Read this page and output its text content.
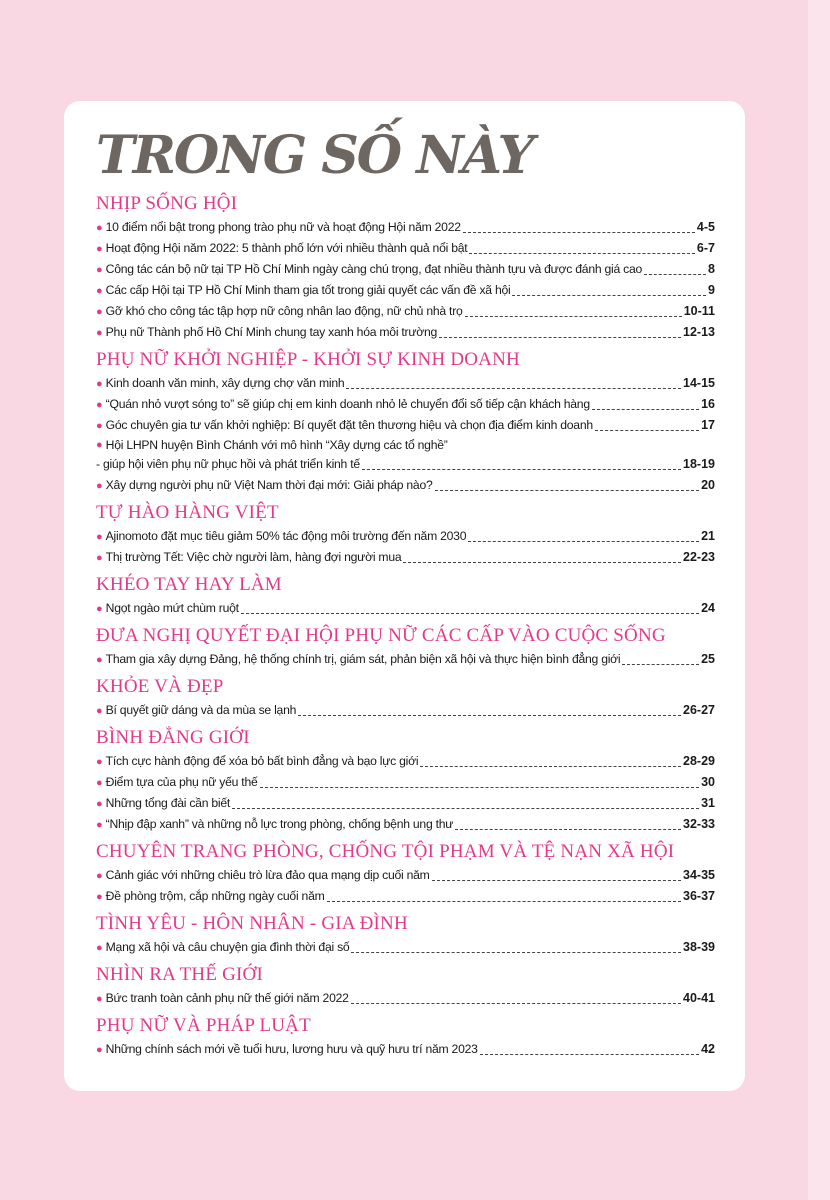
TRONG SỐ NÀY
NHỊP SỐNG HỘI
● 10 điểm nổi bật trong phong trào phụ nữ và hoạt động Hội năm 2022	4-5
● Hoạt động Hội năm 2022: 5 thành phố lớn với nhiều thành quả nổi bật	6-7
● Công tác cán bộ nữ tại TP Hồ Chí Minh ngày càng chú trọng, đạt nhiều thành tựu và được đánh giá cao	8
● Các cấp Hội tại TP Hồ Chí Minh tham gia tốt trong giải quyết các vấn đề xã hội	9
● Gỡ khó cho công tác tập hợp nữ công nhân lao động, nữ chủ nhà trọ	10-11
● Phụ nữ Thành phố Hồ Chí Minh chung tay xanh hóa môi trường	12-13
PHỤ NỮ KHỞI NGHIỆP - KHỞI SỰ KINH DOANH
● Kinh doanh văn minh, xây dựng chợ văn minh	14-15
● “Quán nhỏ vượt sóng to” sẽ giúp chị em kinh doanh nhỏ lẻ chuyển đổi số tiếp cận khách hàng	16
● Góc chuyên gia tư vấn khởi nghiệp: Bí quyết đặt tên thương hiệu và chọn địa điểm kinh doanh	17
● Hội LHPN huyện Bình Chánh với mô hình “Xây dựng các tổ nghề”
- giúp hội viên phụ nữ phục hồi và phát triển kinh tế	18-19
● Xây dựng người phụ nữ Việt Nam thời đại mới: Giải pháp nào?	20
TỰ HÀO HÀNG VIỆT
● Ajinomoto đặt mục tiêu giảm 50% tác động môi trường đến năm 2030	21
● Thị trường Tết: Việc chờ người làm, hàng đợi người mua	22-23
KHÉO TAY HAY LÀM
● Ngọt ngào mứt chùm ruột	24
ĐƯA NGHỊ QUYẾT ĐẠI HỘI PHỤ NỮ CÁC CẤP VÀO CUỘC SỐNG
● Tham gia xây dựng Đảng, hệ thống chính trị, giám sát, phản biện xã hội và thực hiện bình đẳng giới	25
KHỎE VÀ ĐẸP
● Bí quyết giữ dáng và da mùa se lạnh	26-27
BÌNH ĐẲNG GIỚI
● Tích cực hành động để xóa bỏ bất bình đẳng và bạo lực giới	28-29
● Điểm tựa của phụ nữ yếu thế	30
● Những tổng đài cần biết	31
● “Nhịp đập xanh” và những nỗ lực trong phòng, chống bệnh ung thư	32-33
CHUYÊN TRANG PHÒNG, CHỐNG TỘI PHẠM VÀ TỆ NẠN XÃ HỘI
● Cảnh giác với những chiêu trò lừa đảo qua mạng dịp cuối năm	34-35
● Đề phòng trộm, cắp những ngày cuối năm	36-37
TÌNH YÊU - HÔN NHÂN - GIA ĐÌNH
● Mạng xã hội và câu chuyện gia đình thời đại số	38-39
NHÌN RA THẾ GIỚI
● Bức tranh toàn cảnh phụ nữ thế giới năm 2022	40-41
PHỤ NỮ VÀ PHÁP LUẬT
● Những chính sách mới về tuổi hưu, lương hưu và quỹ hưu trí năm 2023	42
